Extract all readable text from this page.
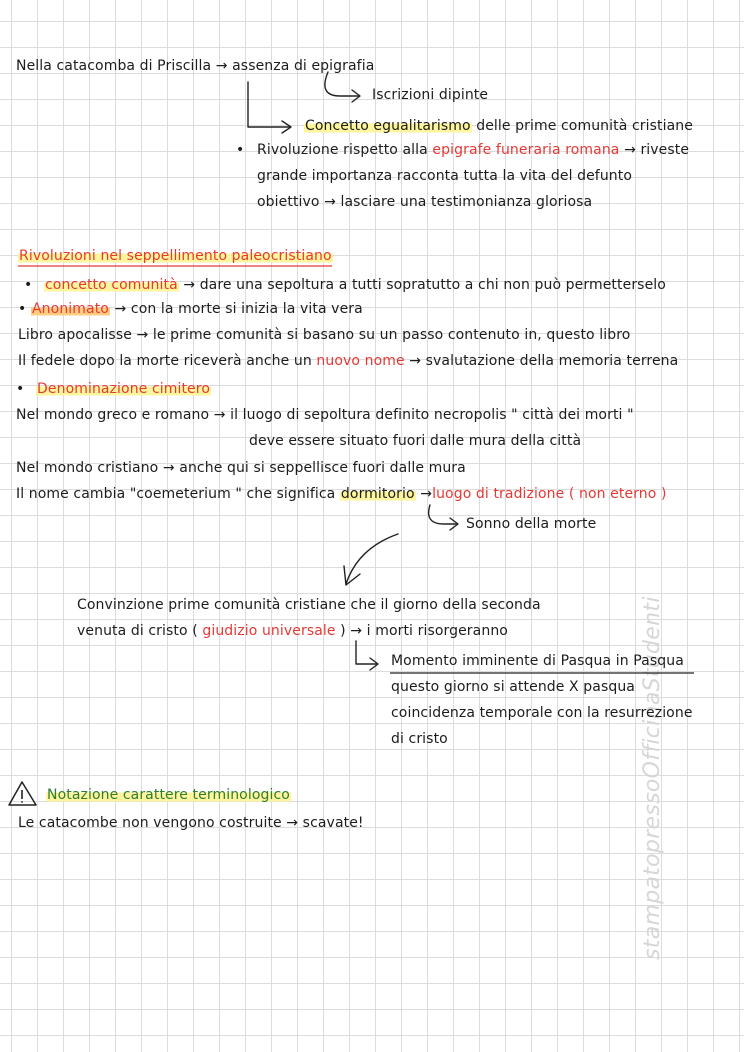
stampatopressoOfficinaStudenti
Nella catacomba di Priscilla → assenza di epigrafia
Iscrizioni dipinte
Concetto egualitarismo delle prime comunità cristiane
• Rivoluzione rispetto alla epigrafe funeraria romana → riveste
grande importanza racconta tutta la vita del defunto
obiettivo → lasciare una testimonianza gloriosa
Rivoluzioni nel seppellimento paleocristiano
• concetto comunità → dare una sepoltura a tutti sopratutto a chi non può permetterselo
• Anonimato → con la morte si inizia la vita vera
Libro apocalisse → le prime comunità si basano su un passo contenuto in, questo libro
Il fedele dopo la morte riceverà anche un nuovo nome → svalutazione della memoria terrena
• Denominazione cimitero
Nel mondo greco e romano → il luogo di sepoltura definito necropolis " città dei morti "
deve essere situato fuori dalle mura della città
Nel mondo cristiano → anche qui si seppellisce fuori dalle mura
Il nome cambia "coemeterium " che significa dormitorio →luogo di tradizione ( non eterno )
Sonno della morte
Convinzione prime comunità cristiane che il giorno della seconda
venuta di cristo ( giudizio universale ) → i morti risorgeranno
Momento imminente di Pasqua in Pasqua
questo giorno si attende X pasqua
coincidenza temporale con la resurrezione
di cristo
Notazione carattere terminologico
Le catacombe non vengono costruite → scavate!
